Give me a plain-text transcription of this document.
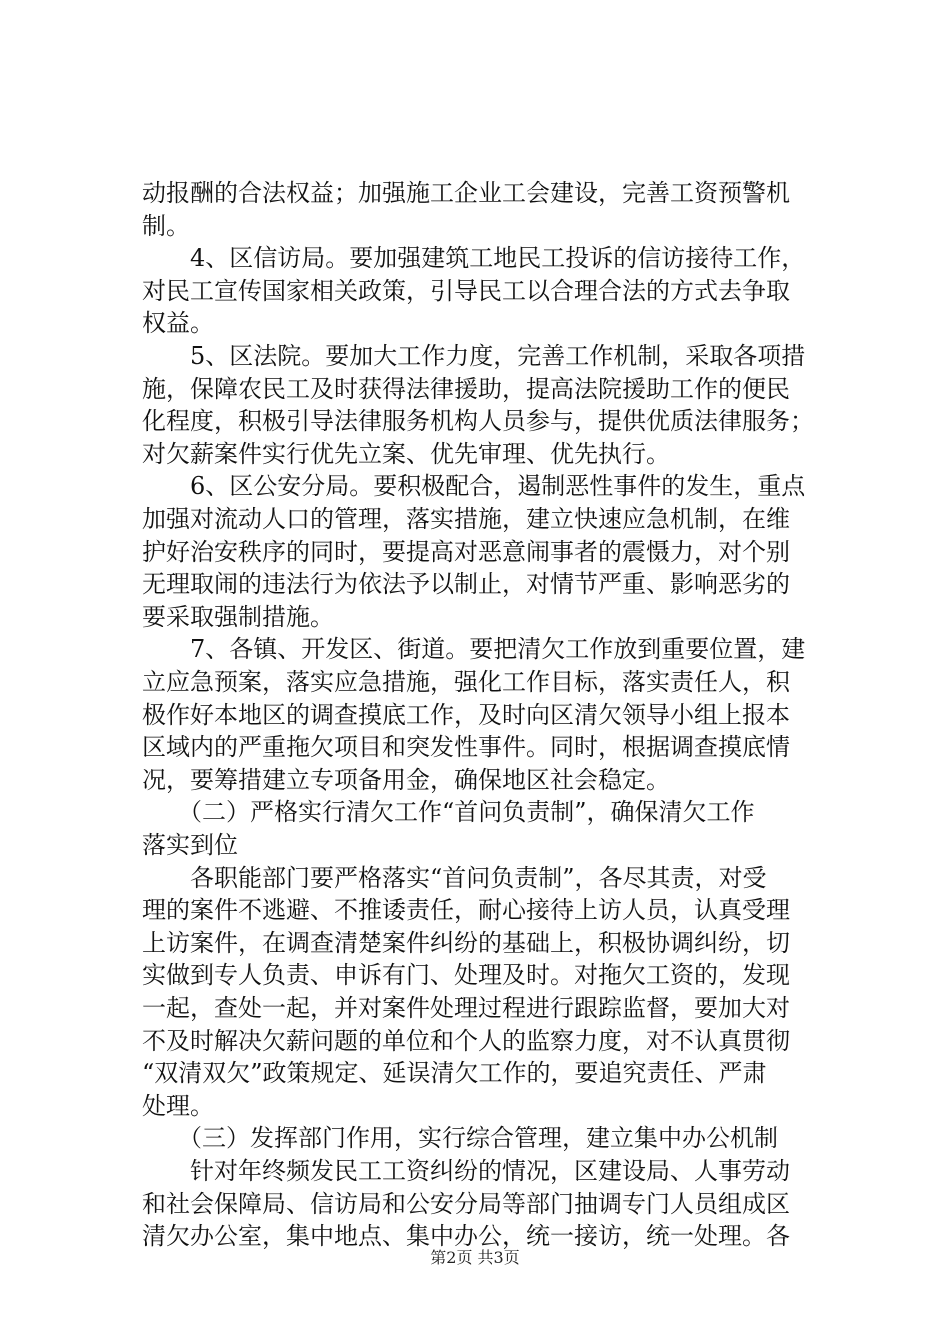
动报酬的合法权益；加强施工企业工会建设，完善工资预警机
制。
　　4、区信访局。要加强建筑工地民工投诉的信访接待工作，
对民工宣传国家相关政策，引导民工以合理合法的方式去争取
权益。
　　5、区法院。要加大工作力度，完善工作机制，采取各项措
施，保障农民工及时获得法律援助，提高法院援助工作的便民
化程度，积极引导法律服务机构人员参与，提供优质法律服务；
对欠薪案件实行优先立案、优先审理、优先执行。
　　6、区公安分局。要积极配合，遏制恶性事件的发生，重点
加强对流动人口的管理，落实措施，建立快速应急机制，在维
护好治安秩序的同时，要提高对恶意闹事者的震慑力，对个别
无理取闹的违法行为依法予以制止，对情节严重、影响恶劣的
要采取强制措施。
　　7、各镇、开发区、街道。要把清欠工作放到重要位置，建
立应急预案，落实应急措施，强化工作目标，落实责任人，积
极作好本地区的调查摸底工作，及时向区清欠领导小组上报本
区域内的严重拖欠项目和突发性事件。同时，根据调查摸底情
况，要筹措建立专项备用金，确保地区社会稳定。
　　（二）严格实行清欠工作“首问负责制”，确保清欠工作
落实到位
　　各职能部门要严格落实“首问负责制”，各尽其责，对受
理的案件不逃避、不推诿责任，耐心接待上访人员，认真受理
上访案件，在调查清楚案件纠纷的基础上，积极协调纠纷，切
实做到专人负责、申诉有门、处理及时。对拖欠工资的，发现
一起，查处一起，并对案件处理过程进行跟踪监督，要加大对
不及时解决欠薪问题的单位和个人的监察力度，对不认真贯彻
“双清双欠”政策规定、延误清欠工作的，要追究责任、严肃
处理。
　　（三）发挥部门作用，实行综合管理，建立集中办公机制
　　针对年终频发民工工资纠纷的情况，区建设局、人事劳动
和社会保障局、信访局和公安分局等部门抽调专门人员组成区
清欠办公室，集中地点、集中办公，统一接访，统一处理。各
第2页 共3页
